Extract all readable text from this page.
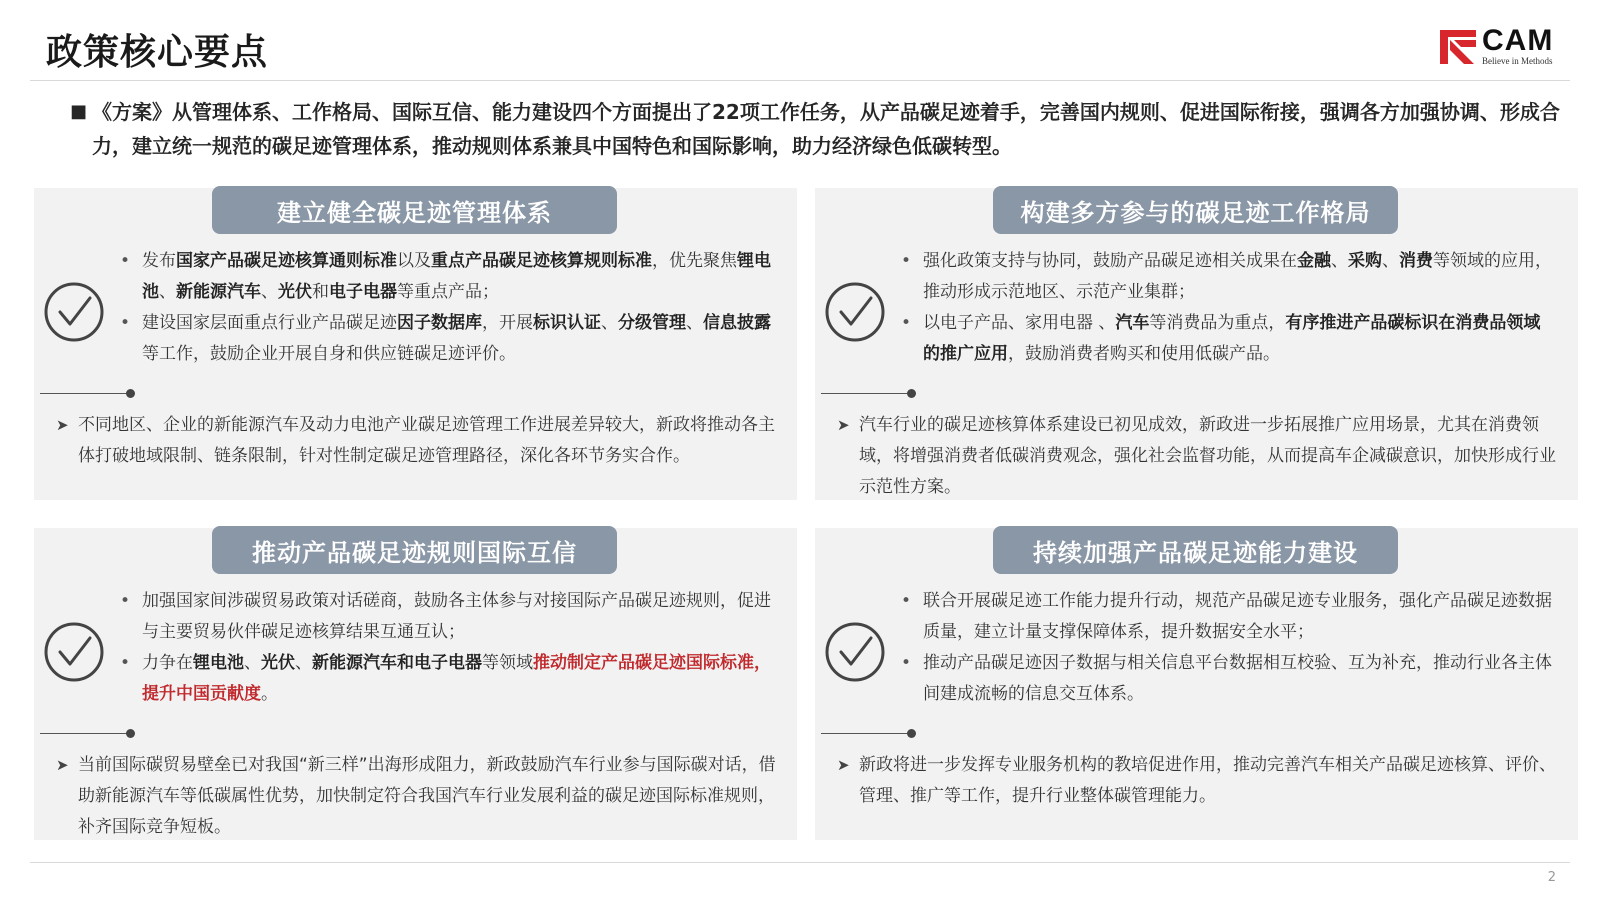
政策核心要点	CAM
Believe in Methods
■ 《方案》从管理体系、工作格局、国际互信、能力建设四个方面提出了22项工作任务，从产品碳足迹着手，完善国内规则、促进国际衔接，强调各方加强协调、形成合力，建立统一规范的碳足迹管理体系，推动规则体系兼具中国特色和国际影响，助力经济绿色低碳转型。
建立健全碳足迹管理体系
• 发布国家产品碳足迹核算通则标准以及重点产品碳足迹核算规则标准，优先聚焦锂电池、新能源汽车、光伏和电子电器等重点产品；
• 建设国家层面重点行业产品碳足迹因子数据库，开展标识认证、分级管理、信息披露等工作，鼓励企业开展自身和供应链碳足迹评价。
➤ 不同地区、企业的新能源汽车及动力电池产业碳足迹管理工作进展差异较大，新政将推动各主体打破地域限制、链条限制，针对性制定碳足迹管理路径，深化各环节务实合作。
构建多方参与的碳足迹工作格局
• 强化政策支持与协同，鼓励产品碳足迹相关成果在金融、采购、消费等领域的应用，推动形成示范地区、示范产业集群；
• 以电子产品、家用电器 、汽车等消费品为重点，有序推进产品碳标识在消费品领域的推广应用，鼓励消费者购买和使用低碳产品。
➤ 汽车行业的碳足迹核算体系建设已初见成效，新政进一步拓展推广应用场景，尤其在消费领域，将增强消费者低碳消费观念，强化社会监督功能，从而提高车企减碳意识，加快形成行业示范性方案。
推动产品碳足迹规则国际互信
• 加强国家间涉碳贸易政策对话磋商，鼓励各主体参与对接国际产品碳足迹规则，促进与主要贸易伙伴碳足迹核算结果互通互认；
• 力争在锂电池、光伏、新能源汽车和电子电器等领域推动制定产品碳足迹国际标准，提升中国贡献度。
➤ 当前国际碳贸易壁垒已对我国“新三样”出海形成阻力，新政鼓励汽车行业参与国际碳对话，借助新能源汽车等低碳属性优势，加快制定符合我国汽车行业发展利益的碳足迹国际标准规则，补齐国际竞争短板。
持续加强产品碳足迹能力建设
• 联合开展碳足迹工作能力提升行动，规范产品碳足迹专业服务，强化产品碳足迹数据质量，建立计量支撑保障体系，提升数据安全水平；
• 推动产品碳足迹因子数据与相关信息平台数据相互校验、互为补充，推动行业各主体间建成流畅的信息交互体系。
➤ 新政将进一步发挥专业服务机构的教培促进作用，推动完善汽车相关产品碳足迹核算、评价、管理、推广等工作，提升行业整体碳管理能力。
2
